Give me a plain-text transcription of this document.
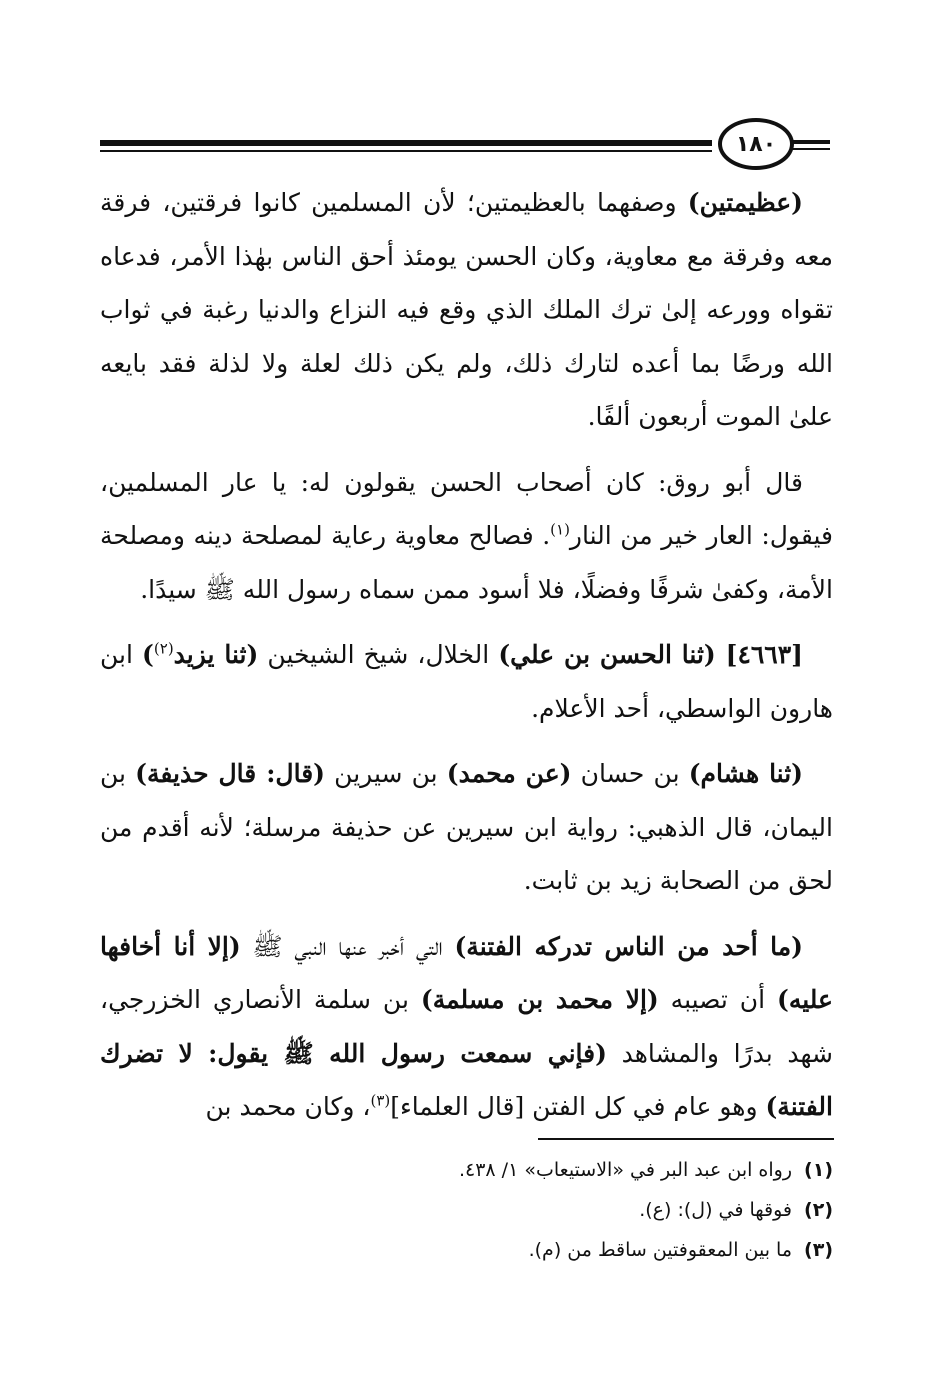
١٨٠

(عظيمتين) وصفهما بالعظيمتين؛ لأن المسلمين كانوا فرقتين، فرقة معه وفرقة مع معاوية، وكان الحسن يومئذ أحق الناس بهٰذا الأمر، فدعاه تقواه وورعه إلىٰ ترك الملك الذي وقع فيه النزاع والدنيا رغبة في ثواب الله ورضًا بما أعده لتارك ذلك، ولم يكن ذلك لعلة ولا لذلة فقد بايعه علىٰ الموت أربعون ألفًا.

قال أبو روق: كان أصحاب الحسن يقولون له: يا عار المسلمين، فيقول: العار خير من النار$^{(١)}$. فصالح معاوية رعاية لمصلحة دينه ومصلحة الأمة، وكفىٰ شرفًا وفضلًا، فلا أسود ممن سماه رسول الله ﷺ سيدًا.

[٤٦٦٣] (ثنا الحسن بن علي) الخلال، شيخ الشيخين (ثنا يزيد$^{(٢)}$) ابن هارون الواسطي، أحد الأعلام.

(ثنا هشام) بن حسان (عن محمد) بن سيرين (قال: قال حذيفة) بن اليمان، قال الذهبي: رواية ابن سيرين عن حذيفة مرسلة؛ لأنه أقدم من لحق من الصحابة زيد بن ثابت.

(ما أحد من الناس تدركه الفتنة) التي أخبر عنها النبي ﷺ (إلا أنا أخافها عليه) أن تصيبه (إلا محمد بن مسلمة) بن سلمة الأنصاري الخزرجي، شهد بدرًا والمشاهد (فإني سمعت رسول الله ﷺ يقول: لا تضرك الفتنة) وهو عام في كل الفتن [قال العلماء]$^{(٣)}$، وكان محمد بن

(١)رواه ابن عبد البر في «الاستيعاب» ١/ ٤٣٨.

(٢)فوقها في (ل): (ع).

(٣)ما بين المعقوفتين ساقط من (م).
